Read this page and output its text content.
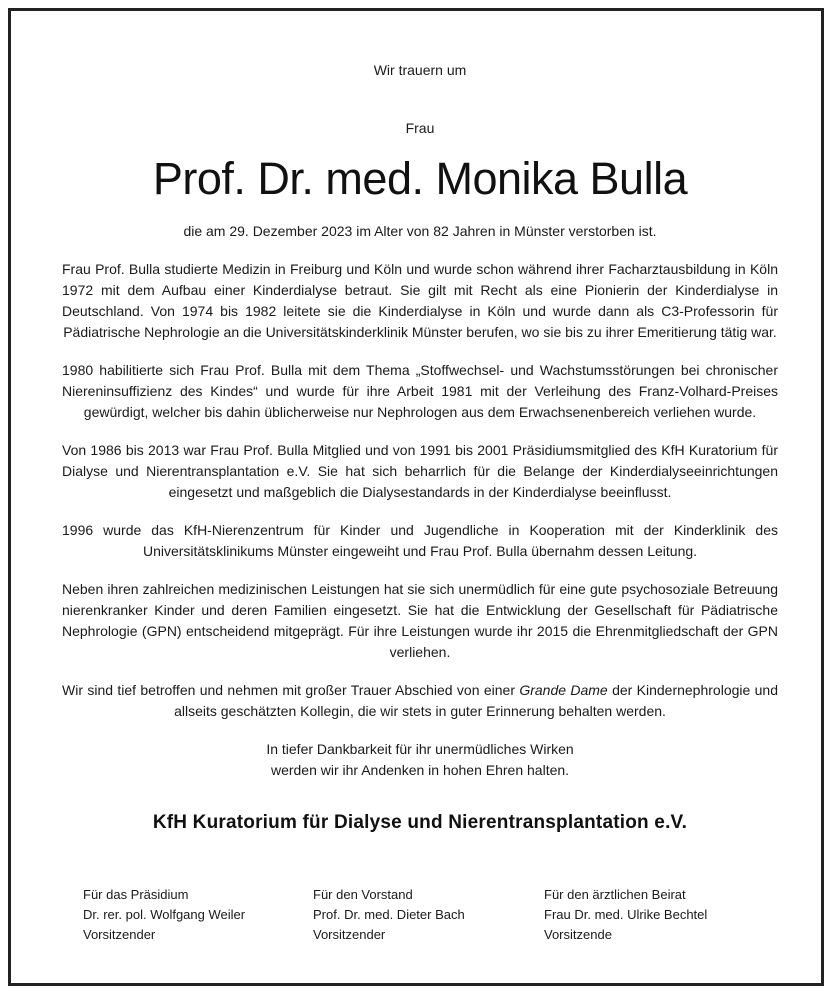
Wir trauern um

Frau

Prof. Dr. med. Monika Bulla

die am 29. Dezember 2023 im Alter von 82 Jahren in Münster verstorben ist.

Frau Prof. Bulla studierte Medizin in Freiburg und Köln und wurde schon während ihrer Facharztausbildung in Köln 1972 mit dem Aufbau einer Kinderdialyse betraut. Sie gilt mit Recht als eine Pionierin der Kinderdialyse in Deutschland. Von 1974 bis 1982 leitete sie die Kinderdialyse in Köln und wurde dann als C3-Professorin für Pädiatrische Nephrologie an die Universitätskinderklinik Münster berufen, wo sie bis zu ihrer Emeritierung tätig war.

1980 habilitierte sich Frau Prof. Bulla mit dem Thema „Stoffwechsel- und Wachstumsstörungen bei chronischer Niereninsuffizienz des Kindes“ und wurde für ihre Arbeit 1981 mit der Verleihung des Franz-Volhard-Preises gewürdigt, welcher bis dahin üblicherweise nur Nephrologen aus dem Erwachsenenbereich verliehen wurde.

Von 1986 bis 2013 war Frau Prof. Bulla Mitglied und von 1991 bis 2001 Präsidiumsmitglied des KfH Kuratorium für Dialyse und Nierentransplantation e.V. Sie hat sich beharrlich für die Belange der Kinderdialyseeinrichtungen eingesetzt und maßgeblich die Dialysestandards in der Kinderdialyse beeinflusst.

1996 wurde das KfH-Nierenzentrum für Kinder und Jugendliche in Kooperation mit der Kinderklinik des Universitätsklinikums Münster eingeweiht und Frau Prof. Bulla übernahm dessen Leitung.

Neben ihren zahlreichen medizinischen Leistungen hat sie sich unermüdlich für eine gute psychosoziale Betreuung nierenkranker Kinder und deren Familien eingesetzt. Sie hat die Entwicklung der Gesellschaft für Pädiatrische Nephrologie (GPN) entscheidend mitgeprägt. Für ihre Leistungen wurde ihr 2015 die Ehrenmitgliedschaft der GPN verliehen.

Wir sind tief betroffen und nehmen mit großer Trauer Abschied von einer Grande Dame der Kindernephrologie und allseits geschätzten Kollegin, die wir stets in guter Erinnerung behalten werden.

In tiefer Dankbarkeit für ihr unermüdliches Wirken
werden wir ihr Andenken in hohen Ehren halten.

KfH Kuratorium für Dialyse und Nierentransplantation e.V.

Für das Präsidium
Dr. rer. pol. Wolfgang Weiler
Vorsitzender
Für den Vorstand
Prof. Dr. med. Dieter Bach
Vorsitzender
Für den ärztlichen Beirat
Frau Dr. med. Ulrike Bechtel
Vorsitzende
